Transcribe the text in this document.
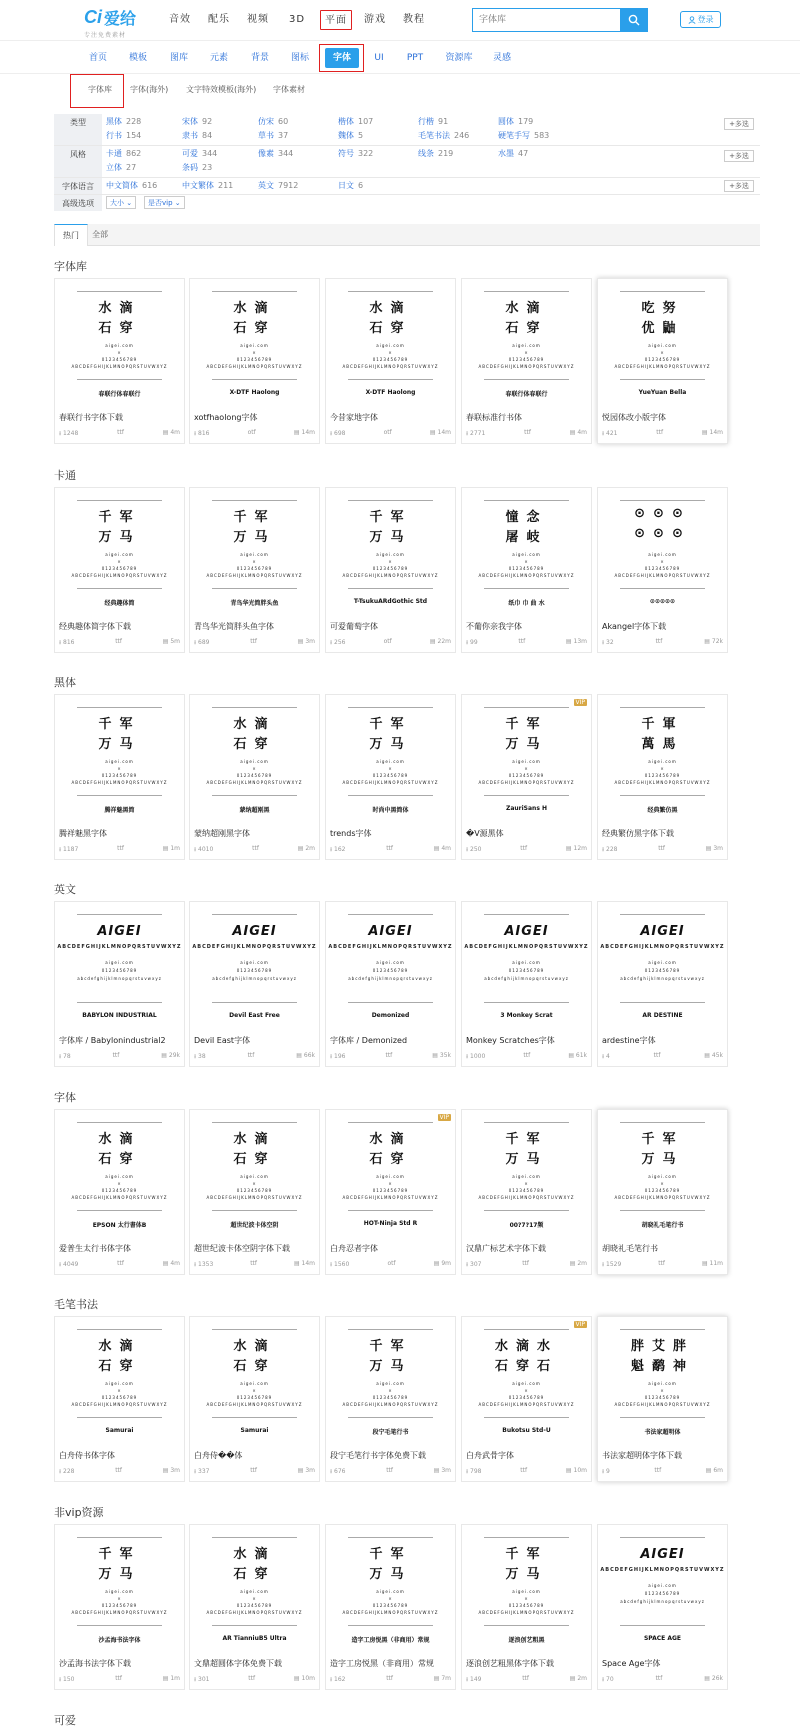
Ci 爱给
专注免费素材
音效	配乐	视频	3D	平面	游戏	教程
字体库	登录
首页 模板	图库 元素	背景 图标	字体	UI	PPT	资源库 灵感
字体库 字体(海外) 文字特效模板(海外) 字体素材
类型	黑体 228	宋体 92	仿宋 60	楷体 107	行楷 91	圆体 179
行书 154	隶书 84	草书 37	魏体 5	毛笔书法 246	硬笔手写 583
+多选
风格	卡通 862	可爱 344	像素 344	符号 322	线条 219	水墨 47
立体 27	条码 23
+多选
字体语言	中文简体 616	中文繁体 211	英文 7912	日文 6	+多选
高级选项	大小 ⌄	是否vip ⌄
热门	全部
字体库
水滴
石穿
aigei.com
×
0123456789
ABCDEFGHIJKLMNOPQRSTUVWXYZ
春联行体春联行
春联行书字体下载
⭳ 1248	ttf	▤ 4m
水滴
石穿
aigei.com
×
0123456789
ABCDEFGHIJKLMNOPQRSTUVWXYZ
X-DTF Haolong
xotfhaolong字体
⭳ 816	otf	▤ 14m
水滴
石穿
aigei.com
×
0123456789
ABCDEFGHIJKLMNOPQRSTUVWXYZ
X-DTF Haolong
今昔家地字体
⭳ 698	otf	▤ 14m
水滴
石穿
aigei.com
×
0123456789
ABCDEFGHIJKLMNOPQRSTUVWXYZ
春联行体春联行
春联标准行书体
⭳ 2771	ttf	▤ 4m
吃努
优鼬
aigei.com
×
0123456789
ABCDEFGHIJKLMNOPQRSTUVWXYZ
YueYuan Bella
悦园体改小版字体
⭳ 421	ttf	▤ 14m
卡通
千军
万马
aigei.com
×
0123456789
ABCDEFGHIJKLMNOPQRSTUVWXYZ
经典趣体简
经典趣体简字体下载
⭳ 816	ttf	▤ 5m
千军
万马
aigei.com
×
0123456789
ABCDEFGHIJKLMNOPQRSTUVWXYZ
青鸟华光简胖头鱼
青鸟华光简胖头鱼字体
⭳ 689	ttf	▤ 3m
千军
万马
aigei.com
×
0123456789
ABCDEFGHIJKLMNOPQRSTUVWXYZ
T-TsukuARdGothic Std
可爱葡萄字体
⭳ 256	otf	▤ 22m
憧念
屠岐
aigei.com
×
0123456789
ABCDEFGHIJKLMNOPQRSTUVWXYZ
纸巾 巾 曲 ⽔
不葡你亲我字体
⭳ 99	ttf	▤ 13m
⊙⊙⊙
⊙⊙⊙
aigei.com
×
0123456789
ABCDEFGHIJKLMNOPQRSTUVWXYZ
⊙⊙⊙⊙⊙
Akangel字体下载
⭳ 32	ttf	▤ 72k
黑体
千军
万马
aigei.com
×
0123456789
ABCDEFGHIJKLMNOPQRSTUVWXYZ
腾祥魅黑简
腾祥魅黑字体
⭳ 1187	ttf	▤ 1m
水滴
石穿
aigei.com
×
0123456789
ABCDEFGHIJKLMNOPQRSTUVWXYZ
蒙纳超刚黑
蒙纳超刚黑字体
⭳ 4010	ttf	▤ 2m
千军
万马
aigei.com
×
0123456789
ABCDEFGHIJKLMNOPQRSTUVWXYZ
时尚中黑简体
trends字体
⭳ 162	ttf	▤ 4m
千军
万马
aigei.com
×
0123456789
ABCDEFGHIJKLMNOPQRSTUVWXYZ
ZauriSans H
VIP
�V源黑体
⭳ 250	ttf	▤ 12m
千軍
萬馬
aigei.com
×
0123456789
ABCDEFGHIJKLMNOPQRSTUVWXYZ
经典繁仿黑
经典繁仿黑字体下载
⭳ 228	ttf	▤ 3m
英文
AIGEI
ABCDEFGHIJKLMNOPQRSTUVWXYZ
aigei.com
0123456789
abcdefghijklmnopqrstuvwxyz
BABYLON INDUSTRIAL
字体库 / Babylonindustrial2
⭳ 78	ttf	▤ 29k
AIGEI
ABCDEFGHIJKLMNOPQRSTUVWXYZ
aigei.com
0123456789
abcdefghijklmnopqrstuvwxyz
Devil East Free
Devil East字体
⭳ 38	ttf	▤ 66k
AIGEI
ABCDEFGHIJKLMNOPQRSTUVWXYZ
aigei.com
0123456789
abcdefghijklmnopqrstuvwxyz
Demonized
字体库 / Demonized
⭳ 196	ttf	▤ 35k
AIGEI
ABCDEFGHIJKLMNOPQRSTUVWXYZ
aigei.com
0123456789
abcdefghijklmnopqrstuvwxyz
3 Monkey Scrat
Monkey Scratches字体
⭳ 1000	ttf	▤ 61k
AIGEI
ABCDEFGHIJKLMNOPQRSTUVWXYZ
aigei.com
0123456789
abcdefghijklmnopqrstuvwxyz
AR DESTINE
ardestine字体
⭳ 4	ttf	▤ 45k
字体
水滴
石穿
aigei.com
×
0123456789
ABCDEFGHIJKLMNOPQRSTUVWXYZ
EPSON 太行書体B
爱普生太行书体字体
⭳ 4049	ttf	▤ 4m
水滴
石穿
aigei.com
×
0123456789
ABCDEFGHIJKLMNOPQRSTUVWXYZ
超世纪波卡体空阴
超世纪波卡体空阴字体下载
⭳ 1353	ttf	▤ 14m
水滴
石穿
aigei.com
×
0123456789
ABCDEFGHIJKLMNOPQRSTUVWXYZ
HOT-Ninja Std R
VIP
白舟忍者字体
⭳ 1560	otf	▤ 9m
千军
万马
aigei.com
×
0123456789
ABCDEFGHIJKLMNOPQRSTUVWXYZ
00?7?17频
汉鼎广标艺术字体下载
⭳ 307	ttf	▤ 2m
千军
万马
aigei.com
×
0123456789
ABCDEFGHIJKLMNOPQRSTUVWXYZ
胡晓礼毛笔行书
胡晓礼毛笔行书
⭳ 1529	ttf	▤ 11m
毛笔书法
水滴
石穿
aigei.com
×
0123456789
ABCDEFGHIJKLMNOPQRSTUVWXYZ
Samurai
白舟侍书体字体
⭳ 228	ttf	▤ 3m
水滴
石穿
aigei.com
×
0123456789
ABCDEFGHIJKLMNOPQRSTUVWXYZ
Samurai
白舟侍��体
⭳ 337	ttf	▤ 3m
千军
万马
aigei.com
×
0123456789
ABCDEFGHIJKLMNOPQRSTUVWXYZ
段宁毛笔行书
段宁毛笔行书字体免费下载
⭳ 676	ttf	▤ 3m
水滴水
石穿石
aigei.com
×
0123456789
ABCDEFGHIJKLMNOPQRSTUVWXYZ
Bukotsu Std-U
VIP
白舟武骨字体
⭳ 798	ttf	▤ 10m
胖艾胖
魁鹬神
aigei.com
×
0123456789
ABCDEFGHIJKLMNOPQRSTUVWXYZ
书法家超明体
书法家超明体字体下载
⭳ 9	ttf	▤ 6m
非vip资源
千军
万马
aigei.com
×
0123456789
ABCDEFGHIJKLMNOPQRSTUVWXYZ
沙孟海书法字体
沙孟海书法字体下载
⭳ 150	ttf	▤ 1m
水滴
石穿
aigei.com
×
0123456789
ABCDEFGHIJKLMNOPQRSTUVWXYZ
AR TianniuB5 Ultra
文鼎超圆体字体免费下载
⭳ 301	ttf	▤ 10m
千军
万马
aigei.com
×
0123456789
ABCDEFGHIJKLMNOPQRSTUVWXYZ
造字工房悦黑（非商用）常规
造字工房悦黑（非商用）常规
⭳ 162	ttf	▤ 7m
千军
万马
aigei.com
×
0123456789
ABCDEFGHIJKLMNOPQRSTUVWXYZ
逐浪创艺粗黑
逐浪创艺粗黑体字体下载
⭳ 149	ttf	▤ 2m
AIGEI
ABCDEFGHIJKLMNOPQRSTUVWXYZ
aigei.com
0123456789
abcdefghijklmnopqrstuvwxyz
SPACE AGE
Space Age字体
⭳ 70	ttf	▤ 26k
可爱
